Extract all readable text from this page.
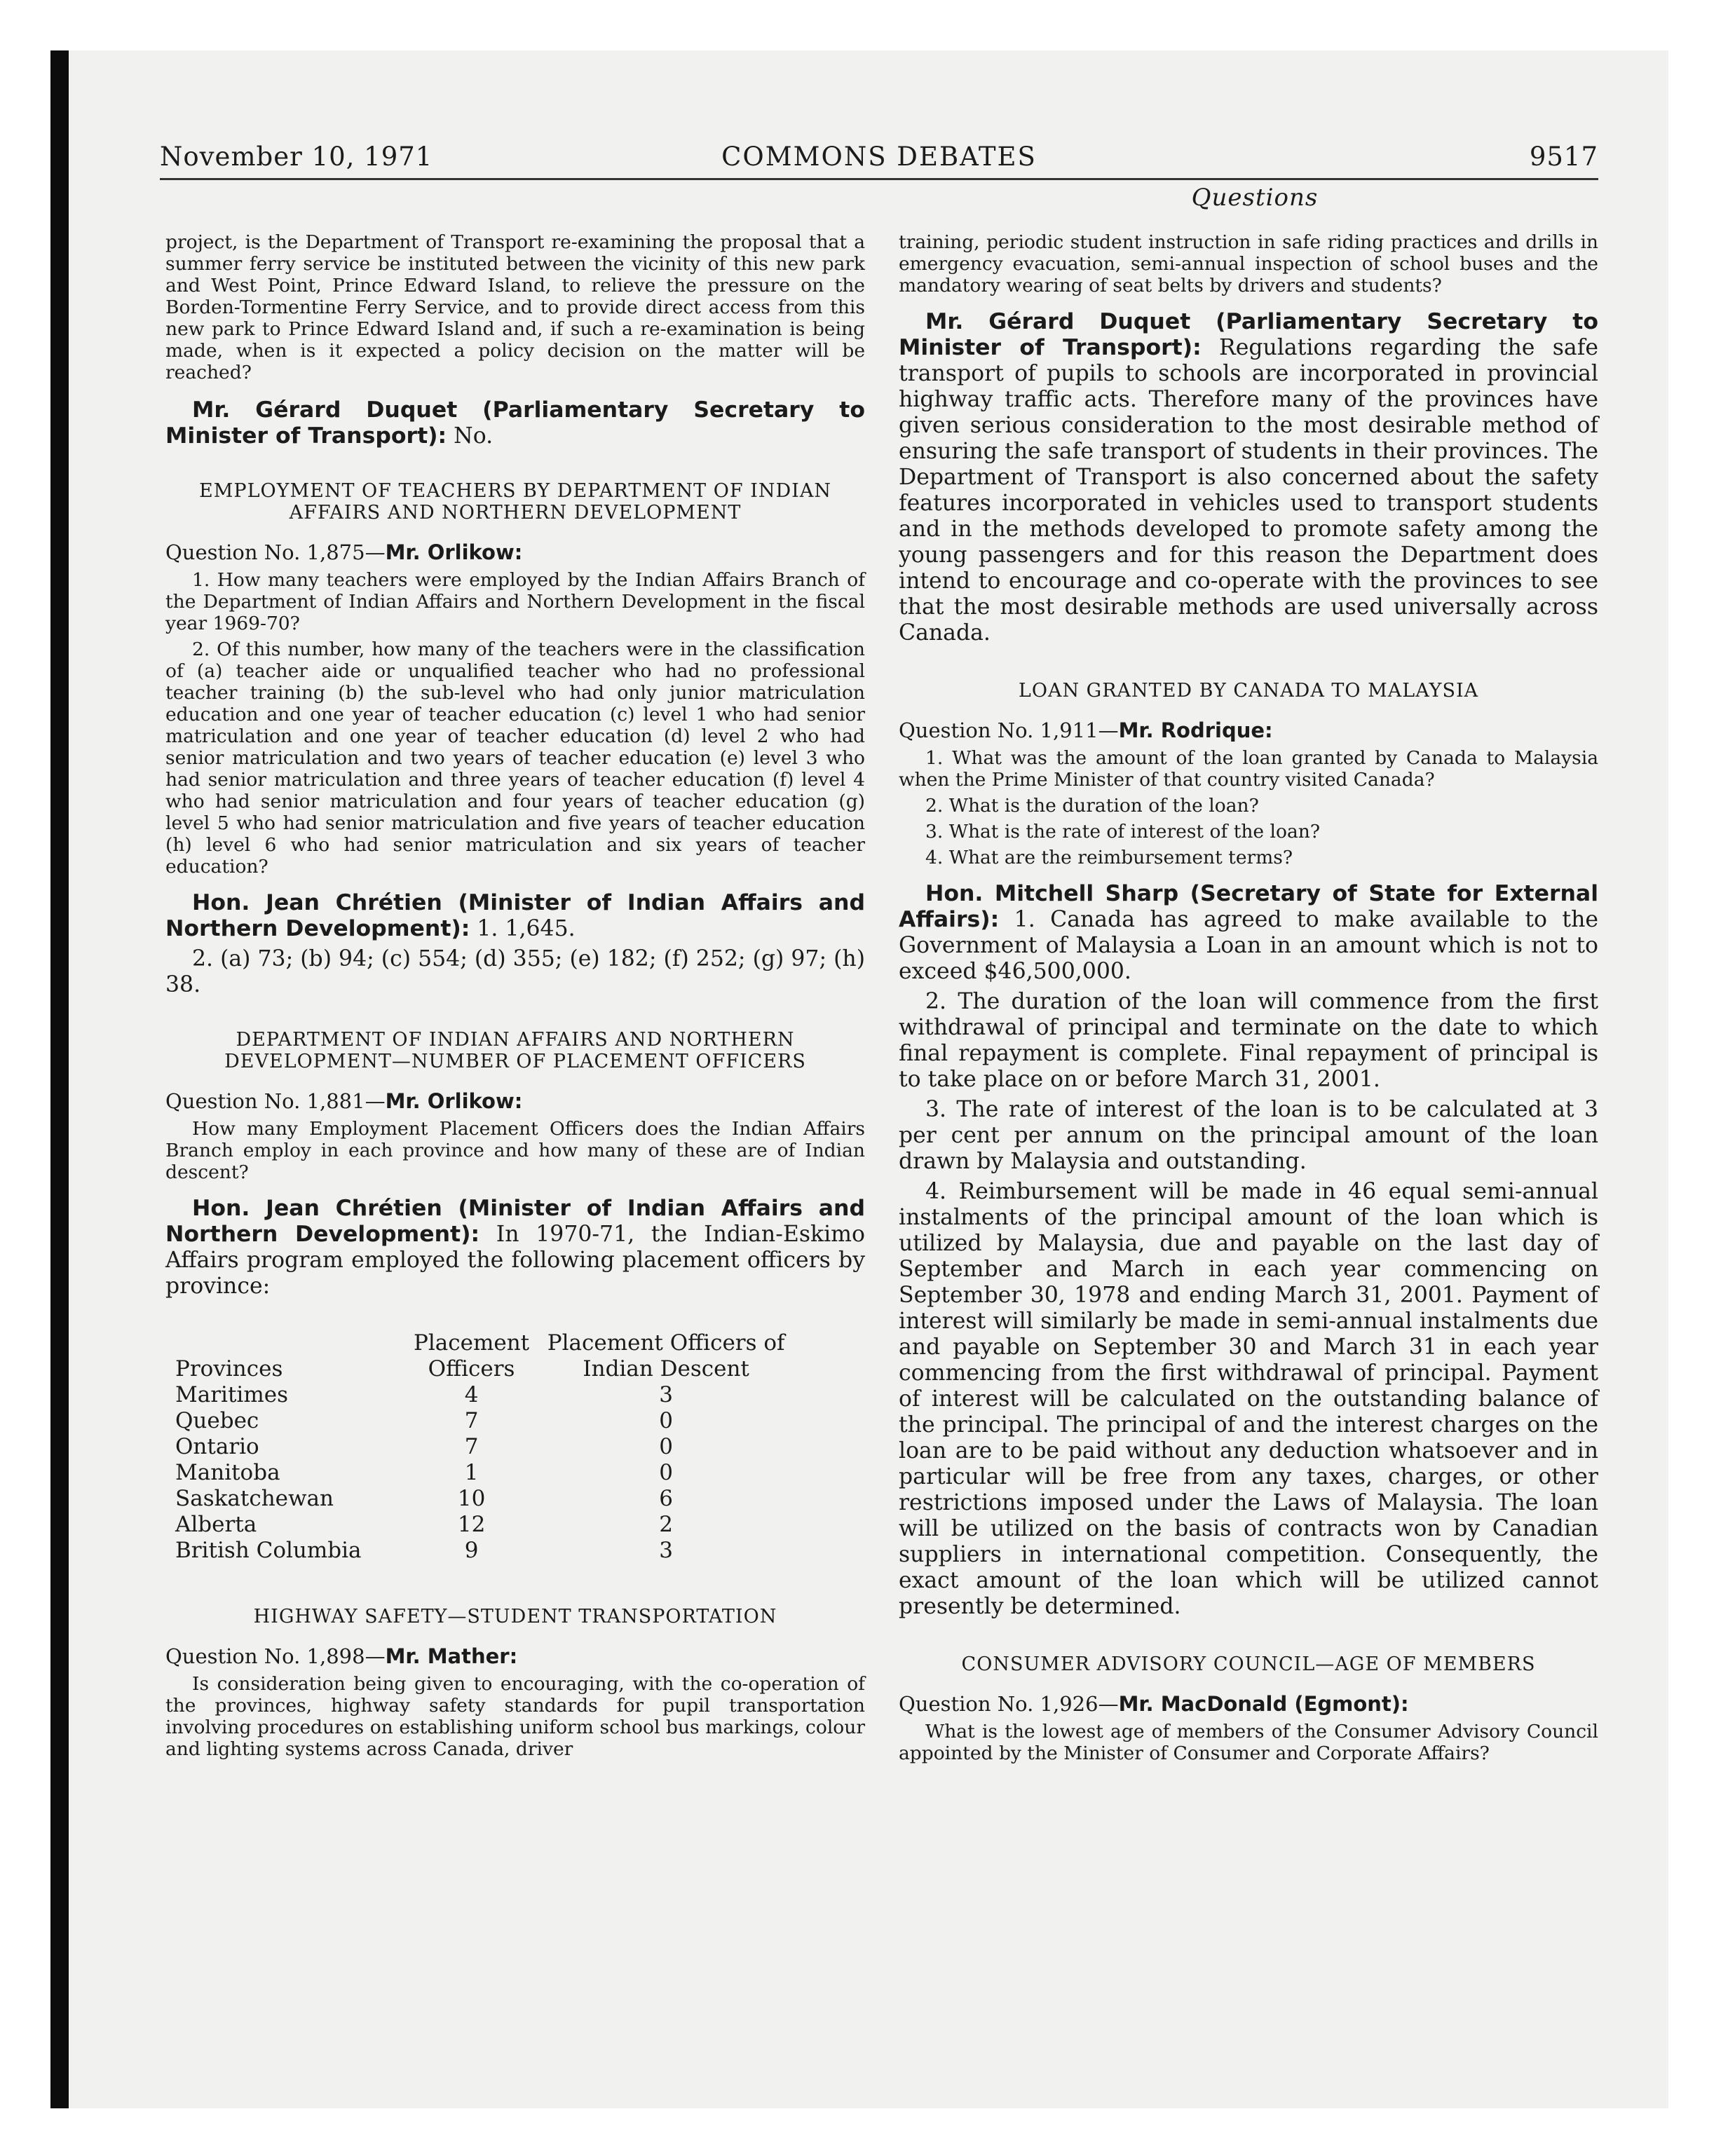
November 10, 1971	COMMONS DEBATES	9517
Questions

project, is the Department of Transport re-examining the proposal that a summer ferry service be instituted between the vicinity of this new park and West Point, Prince Edward Island, to relieve the pressure on the Borden-Tormentine Ferry Service, and to provide direct access from this new park to Prince Edward Island and, if such a re-examination is being made, when is it expected a policy decision on the matter will be reached?

Mr. Gérard Duquet (Parliamentary Secretary to Minister of Transport): No.

EMPLOYMENT OF TEACHERS BY DEPARTMENT OF INDIAN AFFAIRS AND NORTHERN DEVELOPMENT
Question No. 1,875—Mr. Orlikow:

1. How many teachers were employed by the Indian Affairs Branch of the Department of Indian Affairs and Northern Development in the fiscal year 1969-70?

2. Of this number, how many of the teachers were in the classification of (a) teacher aide or unqualified teacher who had no professional teacher training (b) the sub-level who had only junior matriculation education and one year of teacher education (c) level 1 who had senior matriculation and one year of teacher education (d) level 2 who had senior matriculation and two years of teacher education (e) level 3 who had senior matriculation and three years of teacher education (f) level 4 who had senior matriculation and four years of teacher education (g) level 5 who had senior matriculation and five years of teacher education (h) level 6 who had senior matriculation and six years of teacher education?

Hon. Jean Chrétien (Minister of Indian Affairs and Northern Development): 1. 1,645.

2. (a) 73; (b) 94; (c) 554; (d) 355; (e) 182; (f) 252; (g) 97; (h) 38.

DEPARTMENT OF INDIAN AFFAIRS AND NORTHERN DEVELOPMENT—NUMBER OF PLACEMENT OFFICERS
Question No. 1,881—Mr. Orlikow:

How many Employment Placement Officers does the Indian Affairs Branch employ in each province and how many of these are of Indian descent?

Hon. Jean Chrétien (Minister of Indian Affairs and Northern Development): In 1970-71, the Indian-Eskimo Affairs program employed the following placement officers by province:

Provinces	Placement Officers	Placement Officers of Indian Descent
Maritimes	4	3
Quebec	7	0
Ontario	7	0
Manitoba	1	0
Saskatchewan	10	6
Alberta	12	2
British Columbia	9	3
HIGHWAY SAFETY—STUDENT TRANSPORTATION
Question No. 1,898—Mr. Mather:

Is consideration being given to encouraging, with the co-operation of the provinces, highway safety standards for pupil transportation involving procedures on establishing uniform school bus markings, colour and lighting systems across Canada, driver

training, periodic student instruction in safe riding practices and drills in emergency evacuation, semi-annual inspection of school buses and the mandatory wearing of seat belts by drivers and students?

Mr. Gérard Duquet (Parliamentary Secretary to Minister of Transport): Regulations regarding the safe transport of pupils to schools are incorporated in provincial highway traffic acts. Therefore many of the provinces have given serious consideration to the most desirable method of ensuring the safe transport of students in their provinces. The Department of Transport is also concerned about the safety features incorporated in vehicles used to transport students and in the methods developed to promote safety among the young passengers and for this reason the Department does intend to encourage and co-operate with the provinces to see that the most desirable methods are used universally across Canada.

LOAN GRANTED BY CANADA TO MALAYSIA
Question No. 1,911—Mr. Rodrique:

1. What was the amount of the loan granted by Canada to Malaysia when the Prime Minister of that country visited Canada?

2. What is the duration of the loan?

3. What is the rate of interest of the loan?

4. What are the reimbursement terms?

Hon. Mitchell Sharp (Secretary of State for External Affairs): 1. Canada has agreed to make available to the Government of Malaysia a Loan in an amount which is not to exceed $46,500,000.

2. The duration of the loan will commence from the first withdrawal of principal and terminate on the date to which final repayment is complete. Final repayment of principal is to take place on or before March 31, 2001.

3. The rate of interest of the loan is to be calculated at 3 per cent per annum on the principal amount of the loan drawn by Malaysia and outstanding.

4. Reimbursement will be made in 46 equal semi-annual instalments of the principal amount of the loan which is utilized by Malaysia, due and payable on the last day of September and March in each year commencing on September 30, 1978 and ending March 31, 2001. Payment of interest will similarly be made in semi-annual instalments due and payable on September 30 and March 31 in each year commencing from the first withdrawal of principal. Payment of interest will be calculated on the outstanding balance of the principal. The principal of and the interest charges on the loan are to be paid without any deduction whatsoever and in particular will be free from any taxes, charges, or other restrictions imposed under the Laws of Malaysia. The loan will be utilized on the basis of contracts won by Canadian suppliers in international competition. Consequently, the exact amount of the loan which will be utilized cannot presently be determined.

CONSUMER ADVISORY COUNCIL—AGE OF MEMBERS
Question No. 1,926—Mr. MacDonald (Egmont):

What is the lowest age of members of the Consumer Advisory Council appointed by the Minister of Consumer and Corporate Affairs?
